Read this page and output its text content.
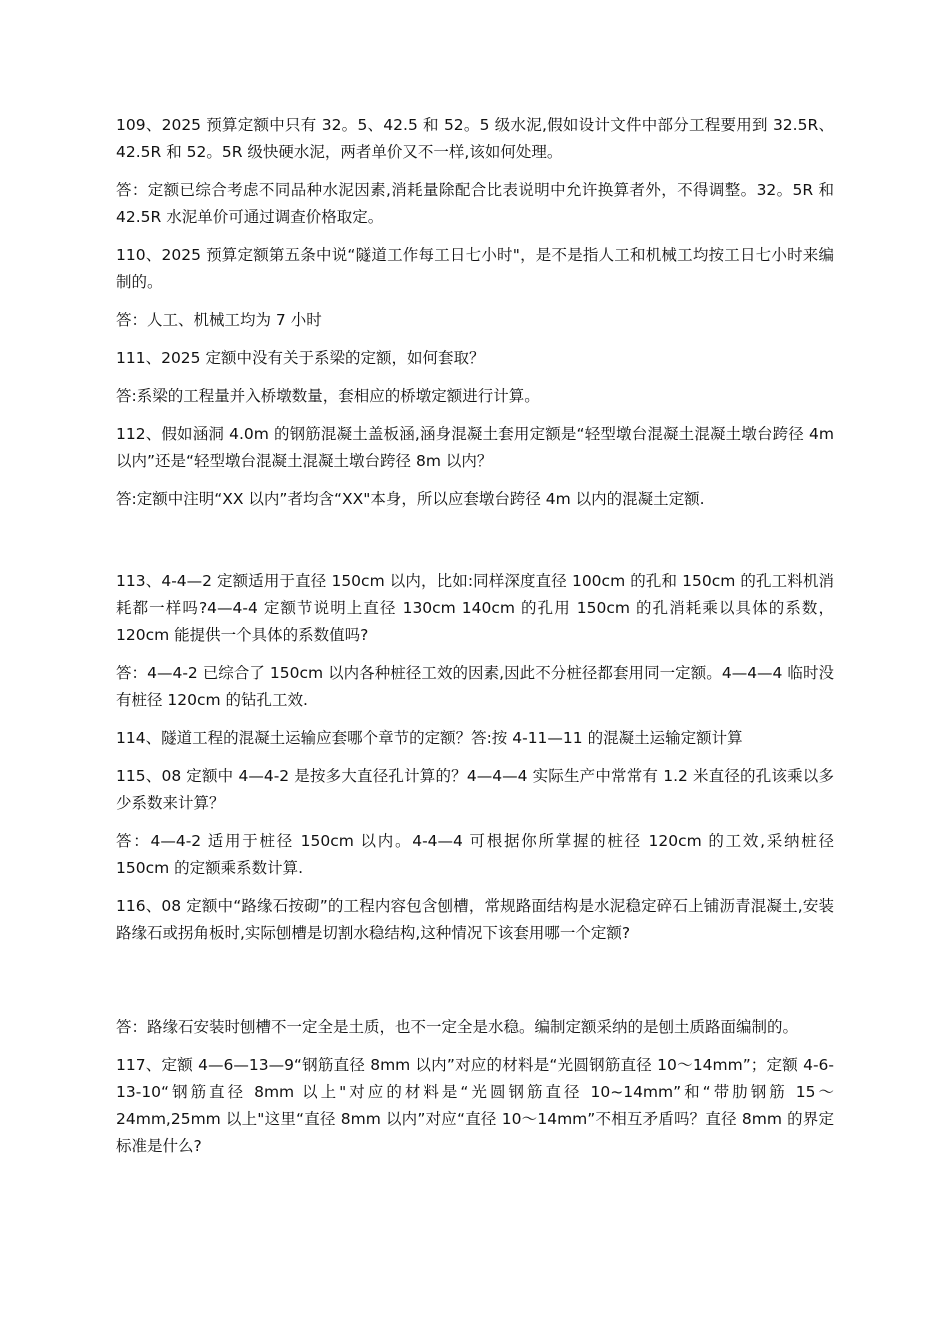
109、2025 预算定额中只有 32。5、42.5 和 52。5 级水泥,假如设计文件中部分工程要用到 32.5R、42.5R 和 52。5R 级快硬水泥，两者单价又不一样,该如何处理。

答：定额已综合考虑不同品种水泥因素,消耗量除配合比表说明中允许换算者外，不得调整。32。5R 和 42.5R 水泥单价可通过调查价格取定。

110、2025 预算定额第五条中说“隧道工作每工日七小时"，是不是指人工和机械工均按工日七小时来编制的。

答：人工、机械工均为 7 小时

111、2025 定额中没有关于系梁的定额，如何套取？

答:系梁的工程量并入桥墩数量，套相应的桥墩定额进行计算。

112、假如涵洞 4.0m 的钢筋混凝土盖板涵,涵身混凝土套用定额是“轻型墩台混凝土混凝土墩台跨径 4m 以内”还是“轻型墩台混凝土混凝土墩台跨径 8m 以内？

答:定额中注明“XX 以内”者均含“XX"本身，所以应套墩台跨径 4m 以内的混凝土定额.

113、4-4—2 定额适用于直径 150cm 以内，比如:同样深度直径 100cm 的孔和 150cm 的孔工料机消耗都一样吗?4—4-4 定额节说明上直径 130cm 140cm 的孔用 150cm 的孔消耗乘以具体的系数，120cm 能提供一个具体的系数值吗?

答：4—4-2 已综合了 150cm 以内各种桩径工效的因素,因此不分桩径都套用同一定额。4—4—4 临时没有桩径 120cm 的钻孔工效.

114、隧道工程的混凝土运输应套哪个章节的定额？答:按 4-11—11 的混凝土运输定额计算

115、08 定额中 4—4-2 是按多大直径孔计算的？4—4—4 实际生产中常常有 1.2 米直径的孔该乘以多少系数来计算？

答：4—4-2 适用于桩径 150cm 以内。4-4—4 可根据你所掌握的桩径 120cm 的工效,采纳桩径 150cm 的定额乘系数计算.

116、08 定额中“路缘石按砌”的工程内容包含刨槽，常规路面结构是水泥稳定碎石上铺沥青混凝土,安装路缘石或拐角板时,实际刨槽是切割水稳结构,这种情况下该套用哪一个定额?

答：路缘石安装时刨槽不一定全是土质，也不一定全是水稳。编制定额采纳的是刨土质路面编制的。

117、定额 4—6—13—9“钢筋直径 8mm 以内”对应的材料是“光圆钢筋直径 10～14mm”；定额 4-6-13-10“钢筋直径 8mm 以上"对应的材料是“光圆钢筋直径 10~14mm”和“带肋钢筋 15～24mm,25mm 以上"这里“直径 8mm 以内”对应“直径 10～14mm”不相互矛盾吗？直径 8mm 的界定标准是什么?
